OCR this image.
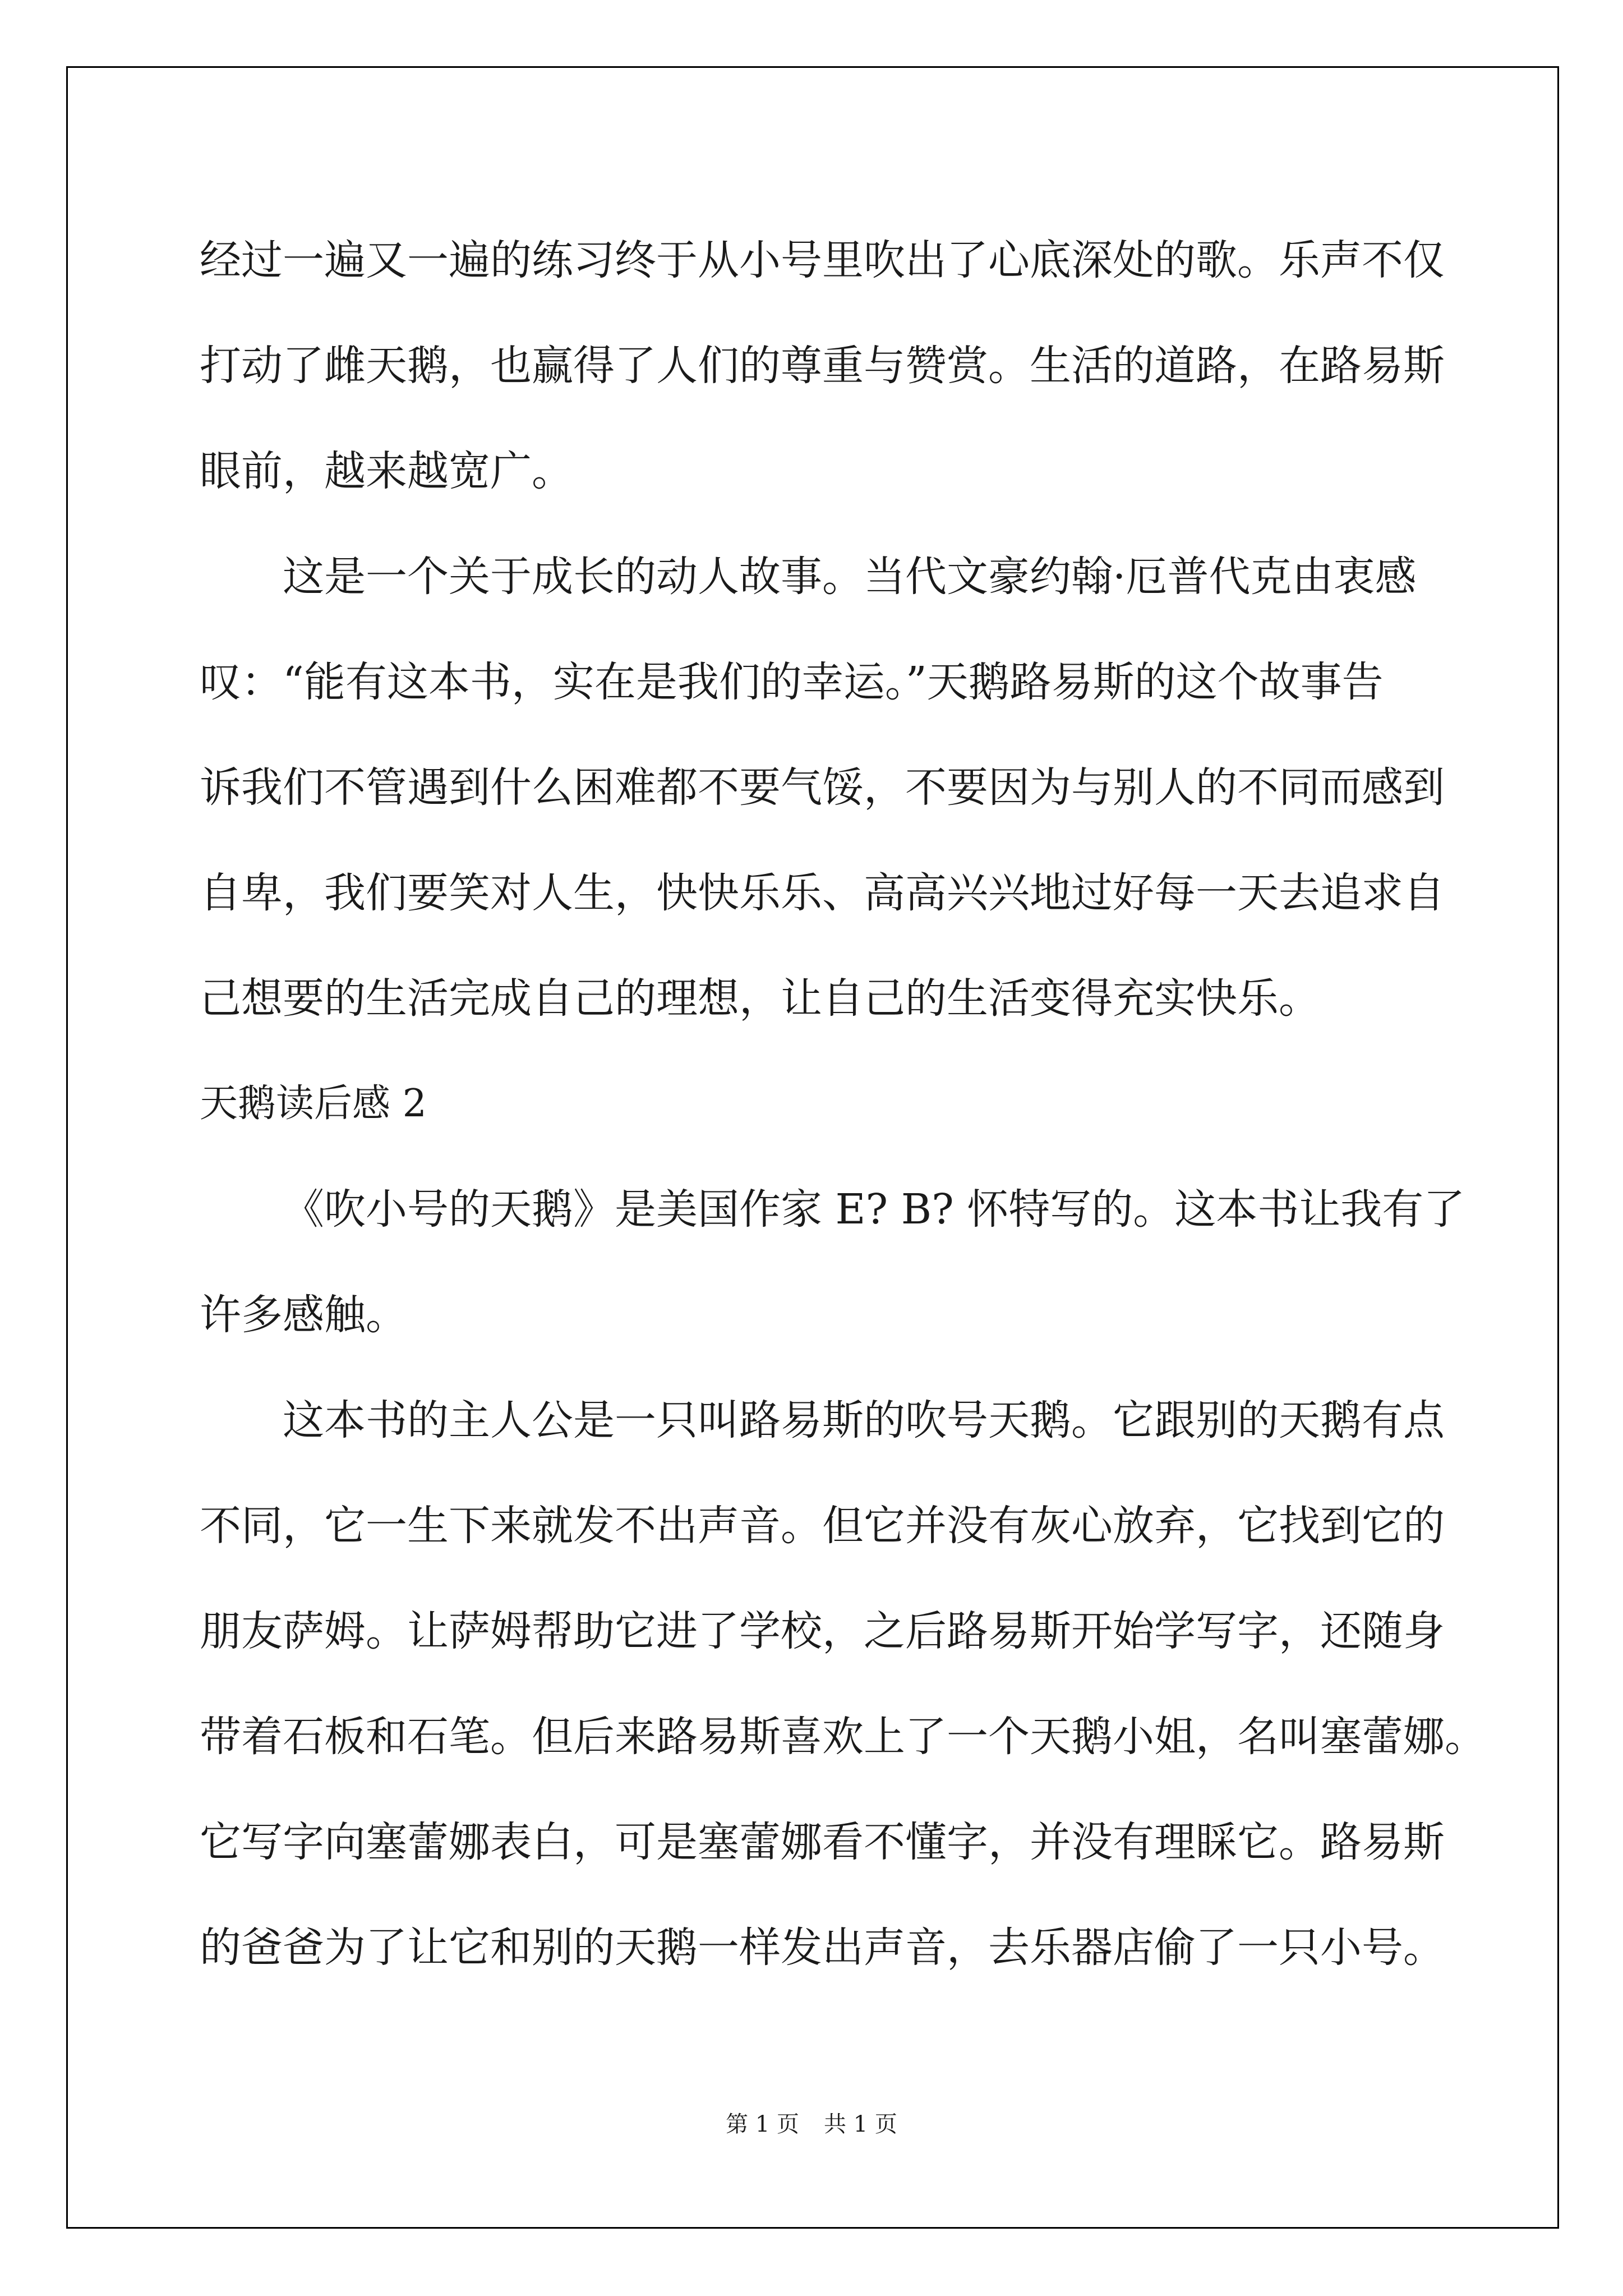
经过一遍又一遍的练习终于从小号里吹出了心底深处的歌。乐声不仅
打动了雌天鹅，也赢得了人们的尊重与赞赏。生活的道路，在路易斯
眼前，越来越宽广。
这是一个关于成长的动人故事。当代文豪约翰·厄普代克由衷感
叹：“能有这本书，实在是我们的幸运。”天鹅路易斯的这个故事告
诉我们不管遇到什么困难都不要气馁，不要因为与别人的不同而感到
自卑，我们要笑对人生，快快乐乐、高高兴兴地过好每一天去追求自
己想要的生活完成自己的理想，让自己的生活变得充实快乐。
天鹅读后感 2
《吹小号的天鹅》是美国作家 E? B? 怀特写的。这本书让我有了
许多感触。
这本书的主人公是一只叫路易斯的吹号天鹅。它跟别的天鹅有点
不同，它一生下来就发不出声音。但它并没有灰心放弃，它找到它的
朋友萨姆。让萨姆帮助它进了学校，之后路易斯开始学写字，还随身
带着石板和石笔。但后来路易斯喜欢上了一个天鹅小姐，名叫塞蕾娜。
它写字向塞蕾娜表白，可是塞蕾娜看不懂字，并没有理睬它。路易斯
的爸爸为了让它和别的天鹅一样发出声音，去乐器店偷了一只小号。
第 1 页 共 1 页
